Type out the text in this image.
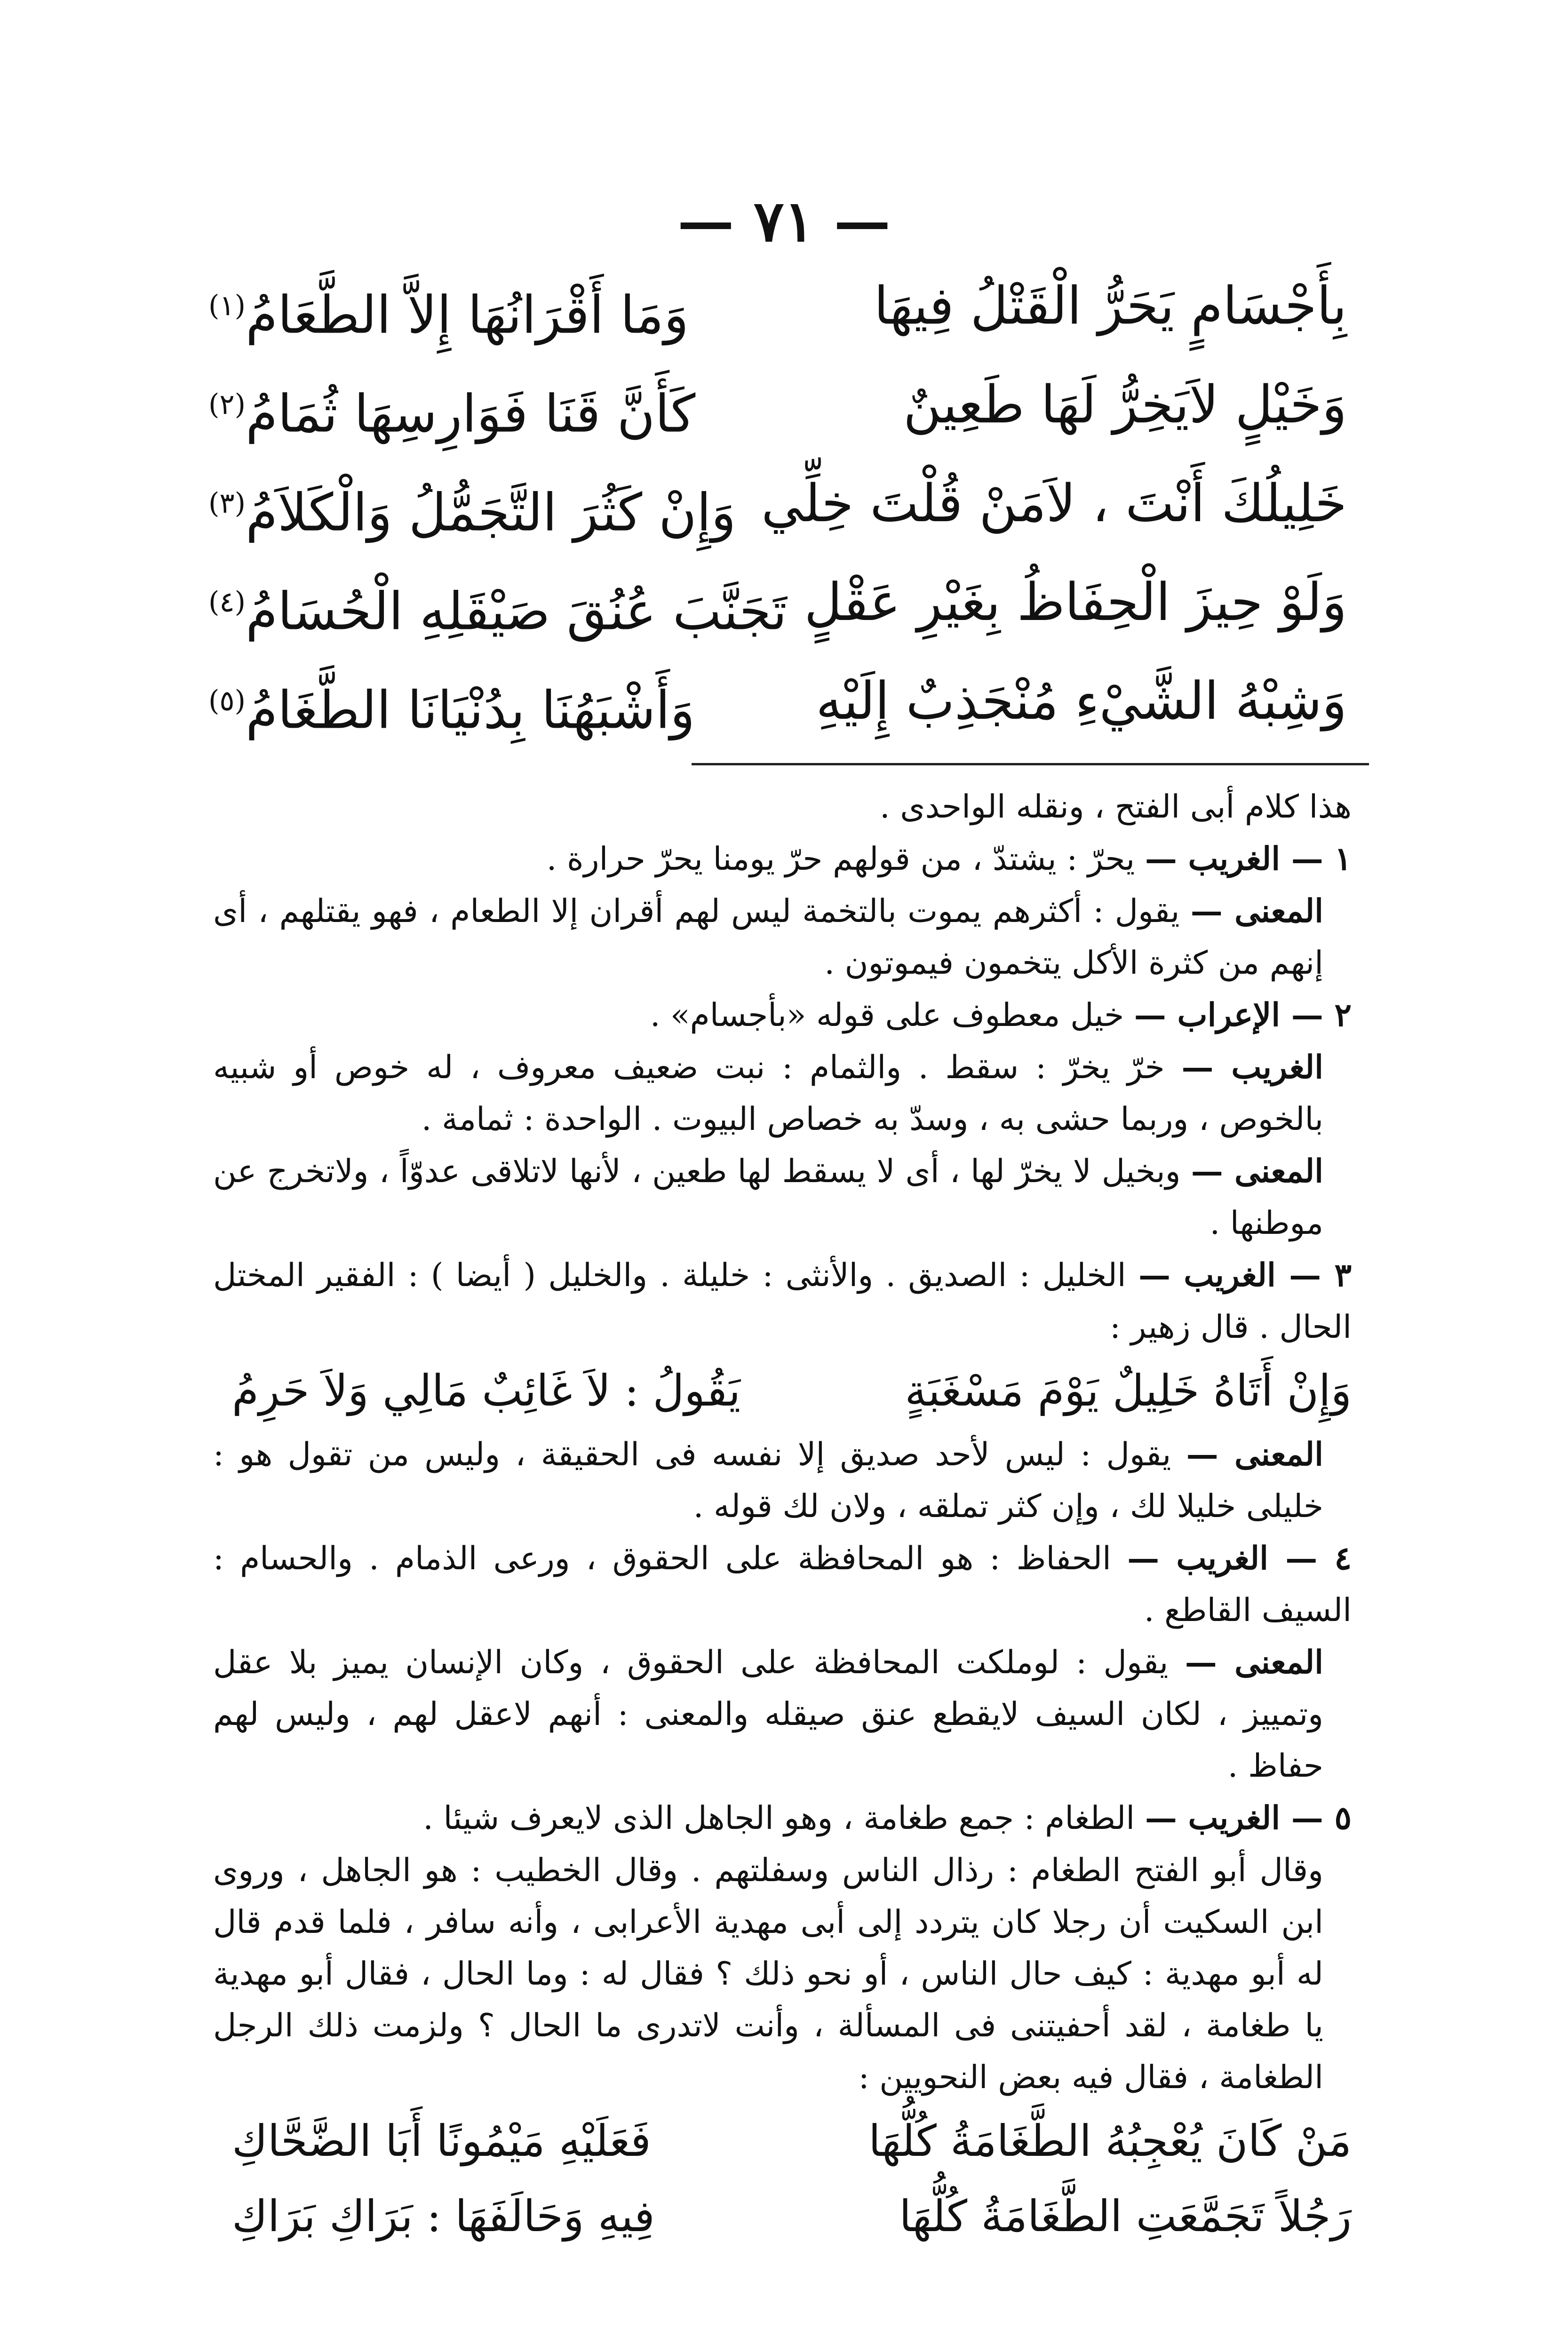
— ٧١ —
بِأَجْسَامٍ يَحَرُّ الْقَتْلُ فِيهَا
وَمَا أَقْرَانُهَا إِلاَّ الطَّعَامُ$^{(١)}$
وَخَيْلٍ لاَيَخِرُّ لَهَا طَعِينٌ
كَأَنَّ قَنَا فَوَارِسِهَا ثُمَامُ$^{(٢)}$
خَلِيلُكَ أَنْتَ ، لاَمَنْ قُلْتَ خِلِّي
وَإِنْ كَثُرَ التَّجَمُّلُ وَالْكَلاَمُ$^{(٣)}$
وَلَوْ حِيزَ الْحِفَاظُ بِغَيْرِ عَقْلٍ
تَجَنَّبَ عُنُقَ صَيْقَلِهِ الْحُسَامُ$^{(٤)}$
وَشِبْهُ الشَّيْءِ مُنْجَذِبٌ إِلَيْهِ
وَأَشْبَهُنَا بِدُنْيَانَا الطَّغَامُ$^{(٥)}$

هذا كلام أبى الفتح ، ونقله الواحدى .

١ — الغريب — يحرّ : يشتدّ ، من قولهم حرّ يومنا يحرّ حرارة .

المعنى — يقول : أكثرهم يموت بالتخمة ليس لهم أقران إلا الطعام ، فهو يقتلهم ، أى إنهم من كثرة الأكل يتخمون فيموتون .

٢ — الإعراب — خيل معطوف على قوله «بأجسام» .

الغريب — خرّ يخرّ : سقط . والثمام : نبت ضعيف معروف ، له خوص أو شبيه بالخوص ، وربما حشى به ، وسدّ به خصاص البيوت . الواحدة : ثمامة .

المعنى — وبخيل لا يخرّ لها ، أى لا يسقط لها طعين ، لأنها لاتلاقى عدوّاً ، ولاتخرج عن موطنها .

٣ — الغريب — الخليل : الصديق . والأنثى : خليلة . والخليل ( أيضا ) : الفقير المختل الحال . قال زهير :

وَإِنْ أَتَاهُ خَلِيلٌ يَوْمَ مَسْغَبَةٍ
يَقُولُ : لاَ غَائِبٌ مَالِي وَلاَ حَرِمُ

المعنى — يقول : ليس لأحد صديق إلا نفسه فى الحقيقة ، وليس من تقول هو : خليلى خليلا لك ، وإن كثر تملقه ، ولان لك قوله .

٤ — الغريب — الحفاظ : هو المحافظة على الحقوق ، ورعى الذمام . والحسام : السيف القاطع .

المعنى — يقول : لوملكت المحافظة على الحقوق ، وكان الإنسان يميز بلا عقل وتمييز ، لكان السيف لايقطع عنق صيقله والمعنى : أنهم لاعقل لهم ، وليس لهم حفاظ .

٥ — الغريب — الطغام : جمع طغامة ، وهو الجاهل الذى لايعرف شيئا .

وقال أبو الفتح الطغام : رذال الناس وسفلتهم . وقال الخطيب : هو الجاهل ، وروى ابن السكيت أن رجلا كان يتردد إلى أبى مهدية الأعرابى ، وأنه سافر ، فلما قدم قال له أبو مهدية : كيف حال الناس ، أو نحو ذلك ؟ فقال له : وما الحال ، فقال أبو مهدية يا طغامة ، لقد أحفيتنى فى المسألة ، وأنت لاتدرى ما الحال ؟ ولزمت ذلك الرجل الطغامة ، فقال فيه بعض النحويين :

مَنْ كَانَ يُعْجِبُهُ الطَّغَامَةُ كُلُّهَا
فَعَلَيْهِ مَيْمُونًا أَبَا الضَّحَّاكِ
رَجُلاً تَجَمَّعَتِ الطَّغَامَةُ كُلُّهَا
فِيهِ وَحَالَفَهَا : بَرَاكِ بَرَاكِ
